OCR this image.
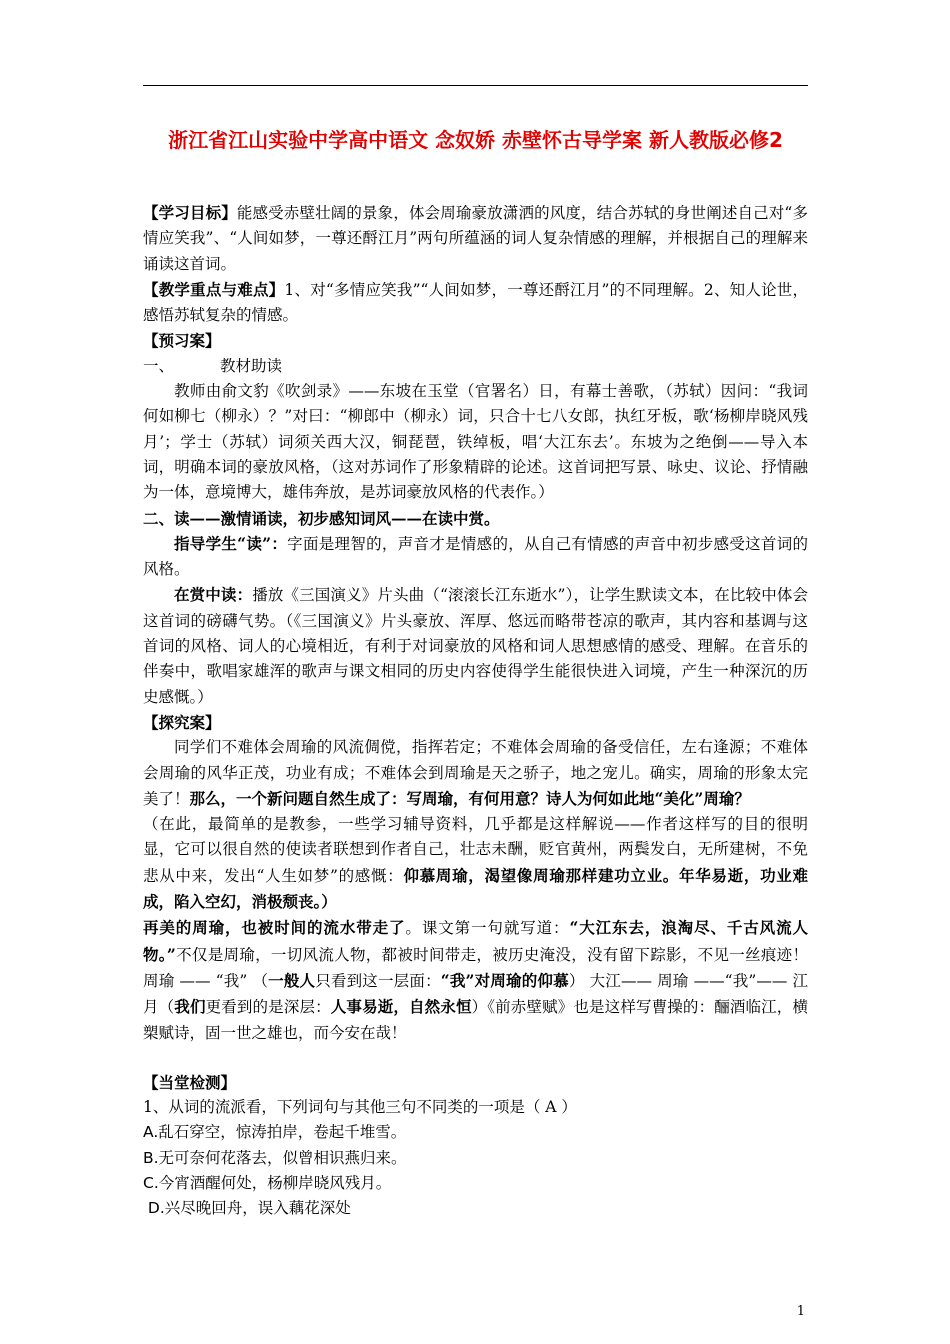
浙江省江山实验中学高中语文 念奴娇 赤壁怀古导学案 新人教版必修2

【学习目标】能感受赤壁壮阔的景象，体会周瑜豪放潇洒的风度，结合苏轼的身世阐述自己对“多情应笑我”、“人间如梦，一尊还酹江月”两句所蕴涵的词人复杂情感的理解，并根据自己的理解来诵读这首词。

【教学重点与难点】1、对“多情应笑我”“人间如梦，一尊还酹江月”的不同理解。2、知人论世，感悟苏轼复杂的情感。

【预习案】

一、	教材助读

教师由俞文豹《吹剑录》——东坡在玉堂（官署名）日，有幕士善歌，（苏轼）因问：“我词何如柳七（柳永）？”对曰：“柳郎中（柳永）词，只合十七八女郎，执红牙板，歌‘杨柳岸晓风残月’；学士（苏轼）词须关西大汉，铜琵琶，铁绰板，唱‘大江东去’。东坡为之绝倒——导入本词，明确本词的豪放风格，（这对苏词作了形象精辟的论述。这首词把写景、咏史、议论、抒情融为一体，意境博大，雄伟奔放，是苏词豪放风格的代表作。）

二、读——激情诵读，初步感知词风——在读中赏。

指导学生“读”：字面是理智的，声音才是情感的，从自己有情感的声音中初步感受这首词的风格。

在赏中读：播放《三国演义》片头曲（“滚滚长江东逝水”），让学生默读文本，在比较中体会这首词的磅礴气势。（《三国演义》片头豪放、浑厚、悠远而略带苍凉的歌声，其内容和基调与这首词的风格、词人的心境相近，有利于对词豪放的风格和词人思想感情的感受、理解。在音乐的伴奏中，歌唱家雄浑的歌声与课文相同的历史内容使得学生能很快进入词境，产生一种深沉的历史感慨。）

【探究案】

同学们不难体会周瑜的风流倜傥，指挥若定；不难体会周瑜的备受信任，左右逢源；不难体会周瑜的风华正茂，功业有成；不难体会到周瑜是天之骄子，地之宠儿。确实，周瑜的形象太完美了！那么，一个新问题自然生成了：写周瑜，有何用意？诗人为何如此地“美化”周瑜？

（在此，最简单的是教参，一些学习辅导资料，几乎都是这样解说——作者这样写的目的很明显，它可以很自然的使读者联想到作者自己，壮志未酬，贬官黄州，两鬓发白，无所建树，不免悲从中来，发出“人生如梦”的感慨：仰慕周瑜，渴望像周瑜那样建功立业。年华易逝，功业难成，陷入空幻，消极颓丧。）

再美的周瑜，也被时间的流水带走了。课文第一句就写道：“大江东去，浪淘尽、千古风流人物。”不仅是周瑜，一切风流人物，都被时间带走，被历史淹没，没有留下踪影，不见一丝痕迹！周瑜 —— “我” （一般人只看到这一层面：“我”对周瑜的仰慕） 大江—— 周瑜 ——“我”—— 江月（我们更看到的是深层：人事易逝，自然永恒）《前赤壁赋》也是这样写曹操的：酾酒临江，横槊赋诗，固一世之雄也，而今安在哉！

【当堂检测】

1、从词的流派看，下列词句与其他三句不同类的一项是（ A ）

A.乱石穿空，惊涛拍岸，卷起千堆雪。

B.无可奈何花落去，似曾相识燕归来。

C.今宵酒醒何处，杨柳岸晓风残月。

D.兴尽晚回舟，误入藕花深处

1
